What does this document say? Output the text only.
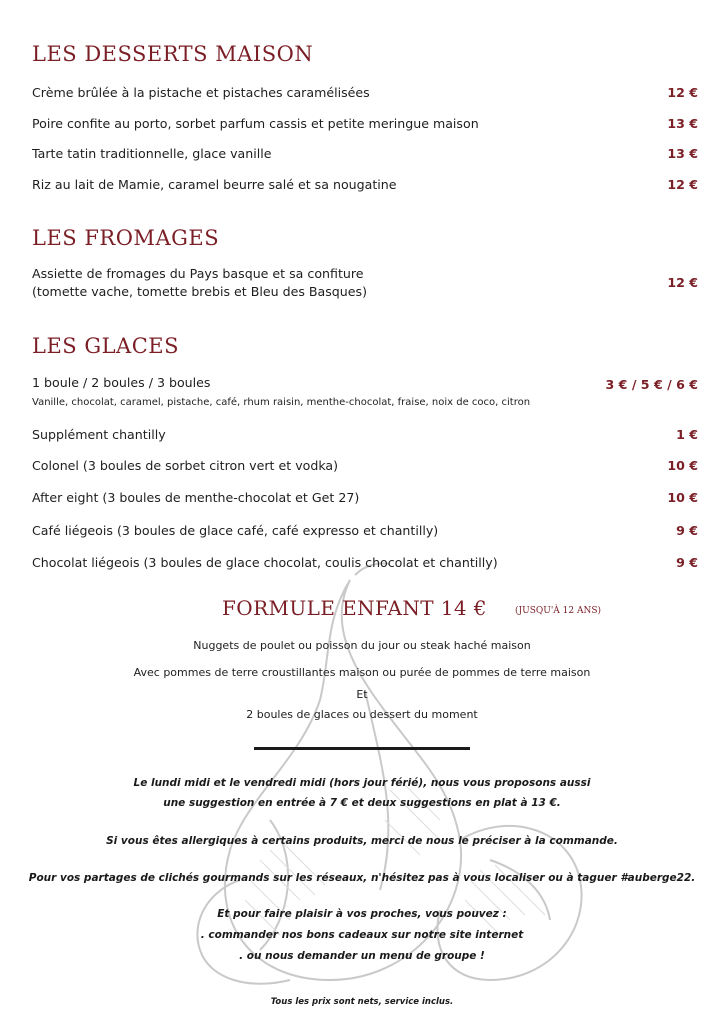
LES DESSERTS MAISON
Crème brûlée à la pistache et pistaches caramélisées	12 €
Poire confite au porto, sorbet parfum cassis et petite meringue maison	13 €
Tarte tatin traditionnelle, glace vanille	13 €
Riz au lait de Mamie, caramel beurre salé et sa nougatine	12 €
LES FROMAGES
Assiette de fromages du Pays basque et sa confiture
(tomette vache, tomette brebis et Bleu des Basques)
12 €
LES GLACES
1 boule / 2 boules / 3 boules
Vanille, chocolat, caramel, pistache, café, rhum raisin, menthe-chocolat, fraise, noix de coco, citron
3 € / 5 € / 6 €
Supplément chantilly	1 €
Colonel (3 boules de sorbet citron vert et vodka)	10 €
After eight (3 boules de menthe-chocolat et Get 27)	10 €
Café liégeois (3 boules de glace café, café expresso et chantilly)	9 €
Chocolat liégeois (3 boules de glace chocolat, coulis chocolat et chantilly)	9 €
FORMULE ENFANT 14 €	(JUSQU'À 12 ANS)
Nuggets de poulet ou poisson du jour ou steak haché maison
Avec pommes de terre croustillantes maison ou purée de pommes de terre maison
Et
2 boules de glaces ou dessert du moment
Le lundi midi et le vendredi midi (hors jour férié), nous vous proposons aussi
une suggestion en entrée à 7 € et deux suggestions en plat à 13 €.
Si vous êtes allergiques à certains produits, merci de nous le préciser à la commande.
Pour vos partages de clichés gourmands sur les réseaux, n'hésitez pas à vous localiser ou à taguer #auberge22.
Et pour faire plaisir à vos proches, vous pouvez :
. commander nos bons cadeaux sur notre site internet
. ou nous demander un menu de groupe !
Tous les prix sont nets, service inclus.
